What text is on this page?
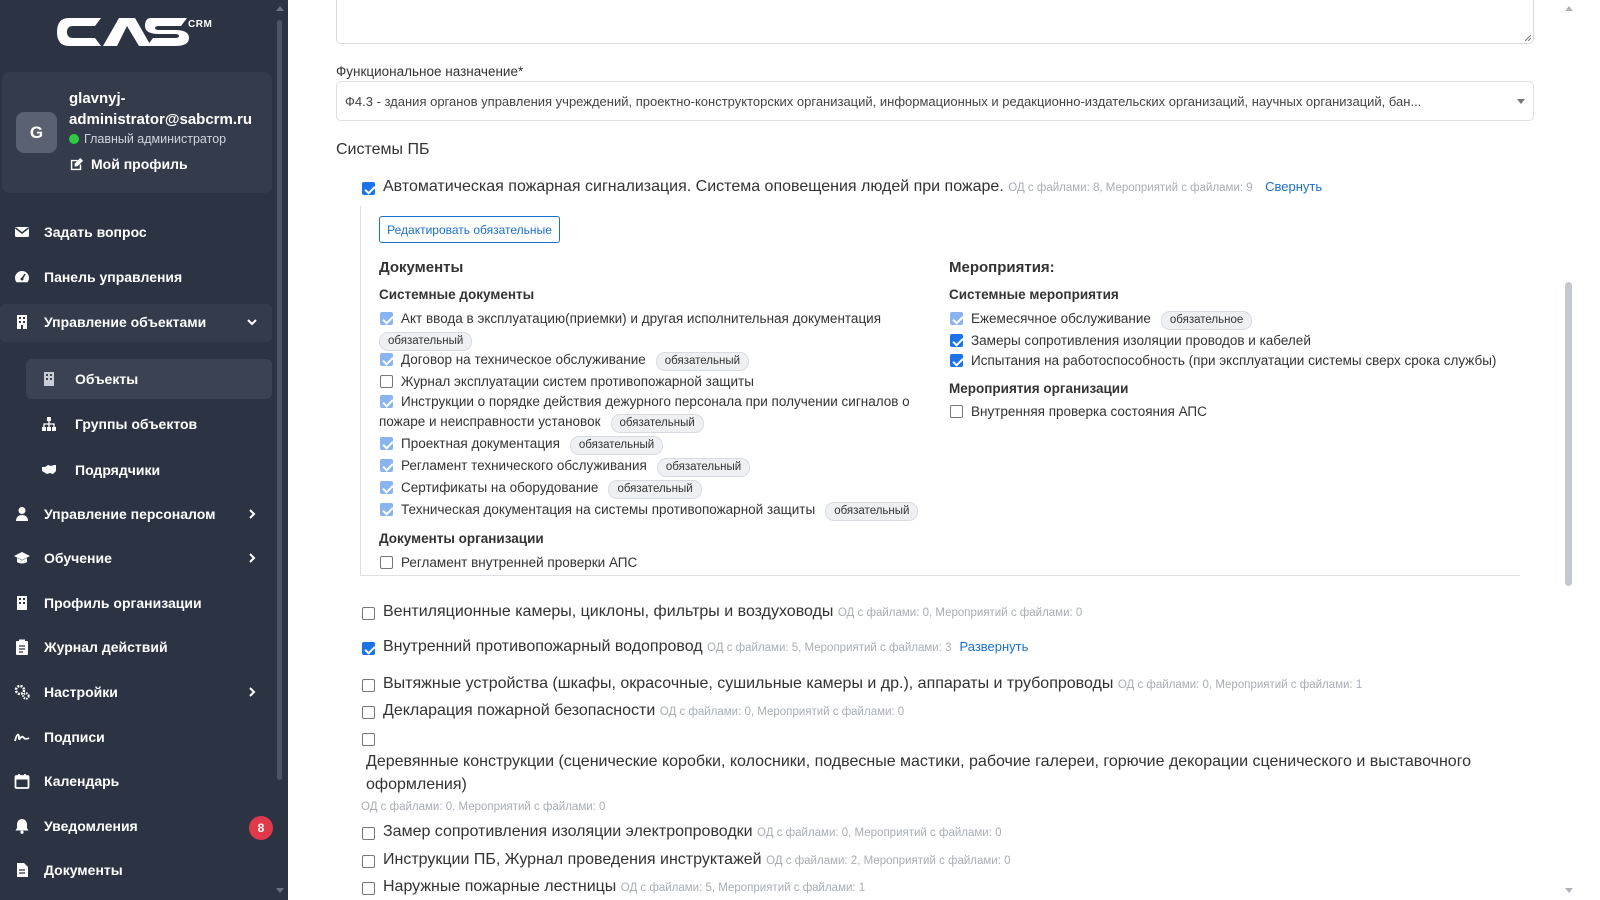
CRM
G
glavnyj-administrator@sabcrm.ru
Главный администратор
Мой профиль
Задать вопрос
Панель управления
Управление объектами
Объекты
Группы объектов
Подрядчики
Управление персоналом
Обучение
Профиль организации
Журнал действий
Настройки
Подписи
Календарь
Уведомления	8
Документы
Функциональное назначение*
Ф4.3 - здания органов управления учреждений, проектно-конструкторских организаций, информационных и редакционно-издательских организаций, научных организаций, бан...
Системы ПБ
Автоматическая пожарная сигнализация. Система оповещения людей при пожаре. ОД с файлами: 8, Мероприятий с файлами: 9 Свернуть
Редактировать обязательные
Документы
Системные документы
Акт ввода в эксплуатацию(приемки) и другая исполнительная документация
обязательный
Договор на техническое обслуживание обязательный
Журнал эксплуатации систем противопожарной защиты
Инструкции о порядке действия дежурного персонала при получении сигналов о
пожаре и неисправности установок обязательный
Проектная документация обязательный
Регламент технического обслуживания обязательный
Сертификаты на оборудование обязательный
Техническая документация на системы противопожарной защиты обязательный
Документы организации
Регламент внутренней проверки АПС
Мероприятия:
Системные мероприятия
Ежемесячное обслуживание обязательное
Замеры сопротивления изоляции проводов и кабелей
Испытания на работоспособность (при эксплуатации системы сверх срока службы)
Мероприятия организации
Внутренняя проверка состояния АПС
Вентиляционные камеры, циклоны, фильтры и воздуховоды ОД с файлами: 0, Мероприятий с файлами: 0
Внутренний противопожарный водопровод ОД с файлами: 5, Мероприятий с файлами: 3 Развернуть
Вытяжные устройства (шкафы, окрасочные, сушильные камеры и др.), аппараты и трубопроводы ОД с файлами: 0, Мероприятий с файлами: 1
Декларация пожарной безопасности ОД с файлами: 0, Мероприятий с файлами: 0
Деревянные конструкции (сценические коробки, колосники, подвесные мастики, рабочие галереи, горючие декорации сценического и выставочного
оформления)
ОД с файлами: 0, Мероприятий с файлами: 0
Замер сопротивления изоляции электропроводки ОД с файлами: 0, Мероприятий с файлами: 0
Инструкции ПБ, Журнал проведения инструктажей ОД с файлами: 2, Мероприятий с файлами: 0
Наружные пожарные лестницы ОД с файлами: 5, Мероприятий с файлами: 1
